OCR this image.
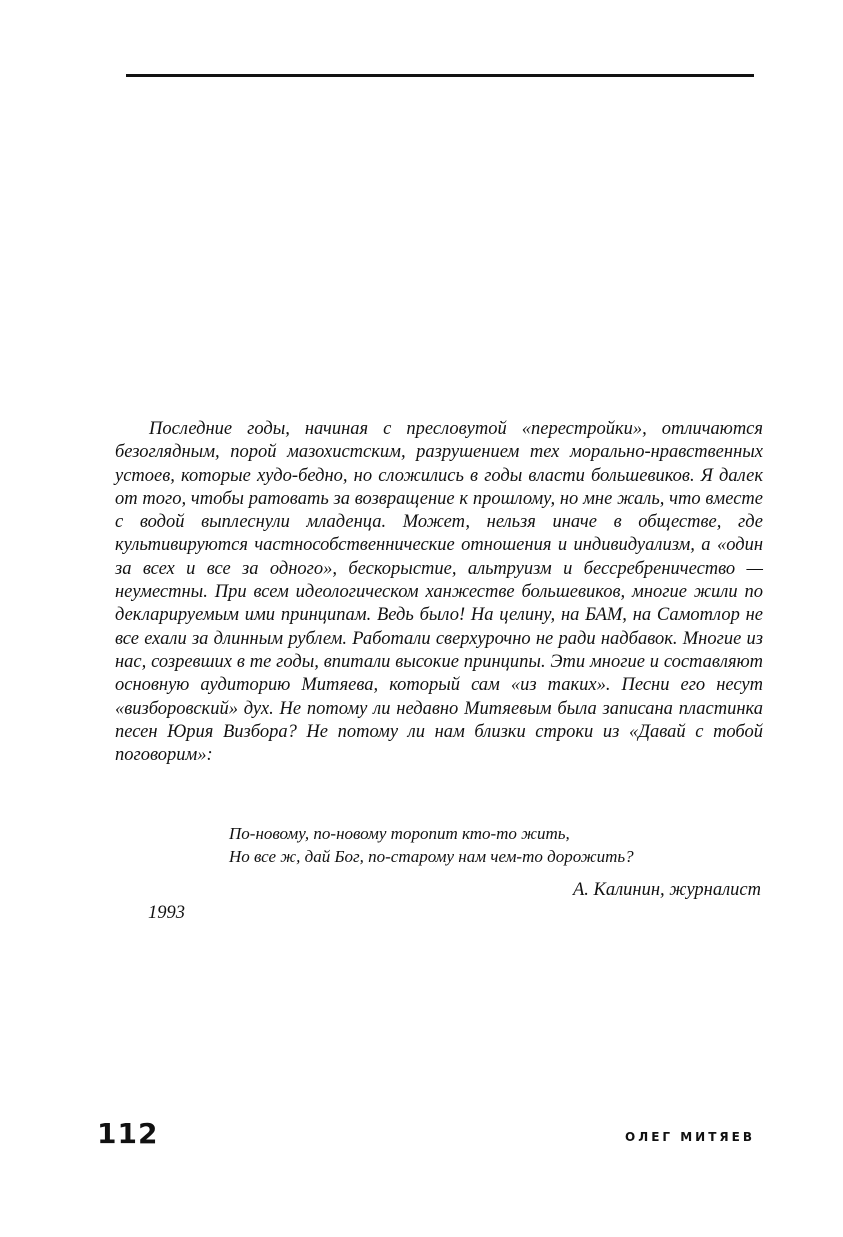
Последние годы, начиная с пресловутой «перестройки», отличаются безоглядным, порой мазохистским, разрушением тех морально-нравственных устоев, которые худо-бедно, но сложились в годы власти большевиков. Я далек от того, чтобы ратовать за возвращение к прошлому, но мне жаль, что вместе с водой выплеснули младенца. Может, нельзя иначе в обществе, где культивируются частнособственнические отношения и индивидуализм, а «один за всех и все за одного», бескорыстие, альтруизм и бессребреничество — неуместны. При всем идеологическом ханжестве большевиков, многие жили по декларируемым ими принципам. Ведь было! На целину, на БАМ, на Самотлор не все ехали за длинным рублем. Работали сверхурочно не ради надбавок. Многие из нас, созревших в те годы, впитали высокие принципы. Эти многие и составляют основную аудиторию Митяева, который сам «из таких». Песни его несут «визборовский» дух. Не потому ли недавно Митяевым была записана пластинка песен Юрия Визбора? Не потому ли нам близки строки из «Давай с тобой поговорим»:

По-новому, по-новому торопит кто-то жить,
Но все ж, дай Бог, по-старому нам чем-то дорожить?
А. Калинин, журналист
1993
112	ОЛЕГ МИТЯЕВ
